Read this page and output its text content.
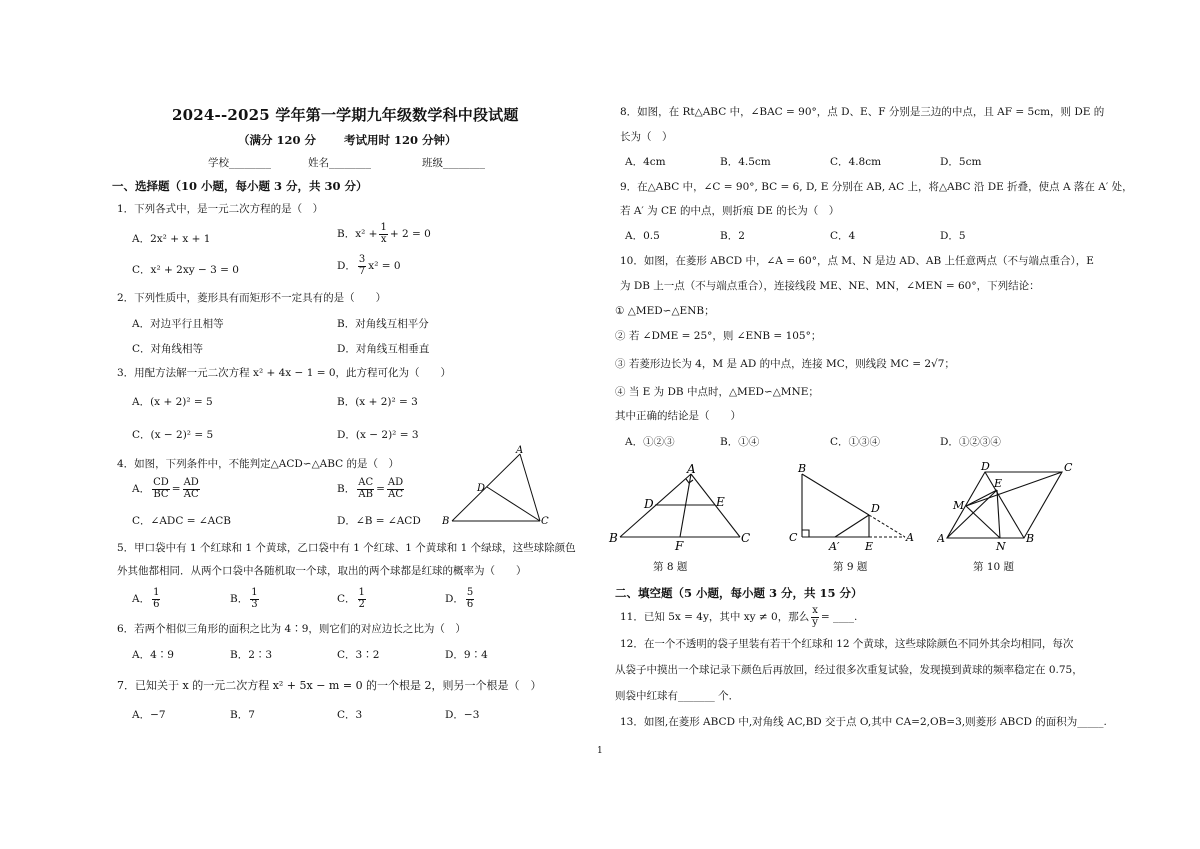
2024--2025 学年第一学期九年级数学科中段试题
（满分 120 分 考试用时 120 分钟）
学校________	姓名________	班级________
一、选择题（10 小题，每小题 3 分，共 30 分）
1．下列各式中，是一元二次方程的是（　）
A．2x² + x + 1	B．$x^2 + \frac{1}{x} + 2 = 0$
C．x² + 2xy − 3 = 0	D． $\frac{3}{7} x^2 = 0$
2．下列性质中，菱形具有而矩形不一定具有的是（　　）
A．对边平行且相等	B．对角线互相平分
C．对角线相等	D．对角线互相垂直
3．用配方法解一元二次方程 x² + 4x − 1 = 0，此方程可化为（　　）
A．(x + 2)² = 5	B．(x + 2)² = 3
C．(x − 2)² = 5	D．(x − 2)² = 3
4．如图，下列条件中，不能判定△ACD∽△ABC 的是（　）
A． $\frac{CD}{BC} = \frac{AD}{AC}$	B． $\frac{AC}{AB} = \frac{AD}{AC}$
C．∠ADC = ∠ACB	D．∠B = ∠ACD
A
B	C
D
5．甲口袋中有 1 个红球和 1 个黄球，乙口袋中有 1 个红球、1 个黄球和 1 个绿球，这些球除颜色
外其他都相同．从两个口袋中各随机取一个球，取出的两个球都是红球的概率为（　　）
A． $\frac{1}{6}$	B． $\frac{1}{3}$	C． $\frac{1}{2}$	D． $\frac{5}{6}$
6．若两个相似三角形的面积之比为 4∶9，则它们的对应边长之比为（　）
A．4∶9	B．2∶3	C．3∶2	D．9∶4
7．已知关于 x 的一元二次方程 x² + 5x − m = 0 的一个根是 2，则另一个根是（　）
A．−7	B．7	C．3	D．−3
8．如图，在 Rt△ABC 中，∠BAC = 90°，点 D、E、F 分别是三边的中点，且 AF = 5cm，则 DE 的
长为（　）
A．4cm	B．4.5cm	C．4.8cm	D．5cm
9．在△ABC 中，∠C = 90°, BC = 6, D, E 分别在 AB, AC 上，将△ABC 沿 DE 折叠，使点 A 落在 A′ 处，
若 A′ 为 CE 的中点，则折痕 DE 的长为（　）
A．0.5	B．2	C．4	D．5
10．如图，在菱形 ABCD 中，∠A = 60°，点 M、N 是边 AD、AB 上任意两点（不与端点重合），E
为 DB 上一点（不与端点重合），连接线段 ME、NE、MN，∠MEN = 60°，下列结论：
① △MED∽△ENB；
② 若 ∠DME = 25°，则 ∠ENB = 105°；
③ 若菱形边长为 4，M 是 AD 的中点，连接 MC，则线段 MC = 2√7；
④ 当 E 为 DB 中点时，△MED∽△MNE；
其中正确的结论是（　　）
A．①②③	B．①④	C．①③④	D．①②③④
A
B	C
D	E
F
第 8 题
B
C
D
A′ E
A
第 9 题
D	C
E
M
A
N
B
第 10 题
二、填空题（5 小题，每小题 3 分，共 15 分）
11．已知 5x = 4y，其中 xy ≠ 0，那么 $\frac{x}{y}$ = ____.
12．在一个不透明的袋子里装有若干个红球和 12 个黄球，这些球除颜色不同外其余均相同，每次
从袋子中摸出一个球记录下颜色后再放回，经过很多次重复试验，发现摸到黄球的频率稳定在 0.75，
则袋中红球有_______ 个．
13．如图,在菱形 ABCD 中,对角线 AC,BD 交于点 O,其中 CA=2,OB=3,则菱形 ABCD 的面积为_____.
1
